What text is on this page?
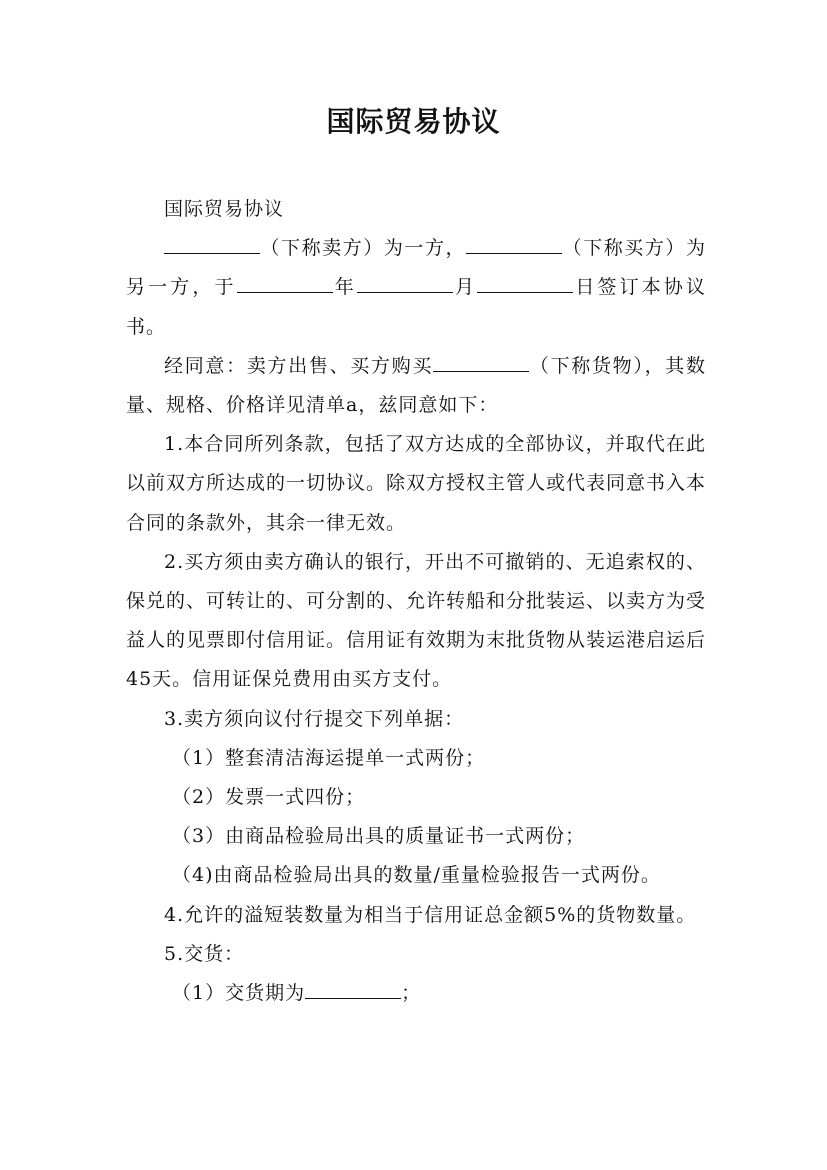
国际贸易协议

国际贸易协议

（下称卖方）为一方，	（下称买方）为另一方，于	年	月	日签订本协议书。

经同意：卖方出售、买方购买	（下称货物），其数量、规格、价格详见清单a，兹同意如下：

1.本合同所列条款，包括了双方达成的全部协议，并取代在此以前双方所达成的一切协议。除双方授权主管人或代表同意书入本合同的条款外，其余一律无效。

2.买方须由卖方确认的银行，开出不可撤销的、无追索权的、保兑的、可转让的、可分割的、允许转船和分批装运、以卖方为受益人的见票即付信用证。信用证有效期为末批货物从装运港启运后45天。信用证保兑费用由买方支付。

3.卖方须向议付行提交下列单据：

（1）整套清洁海运提单一式两份；

（2）发票一式四份；

（3）由商品检验局出具的质量证书一式两份；

（4)由商品检验局出具的数量/重量检验报告一式两份。

4.允许的溢短装数量为相当于信用证总金额5%的货物数量。

5.交货：

（1）交货期为	；
